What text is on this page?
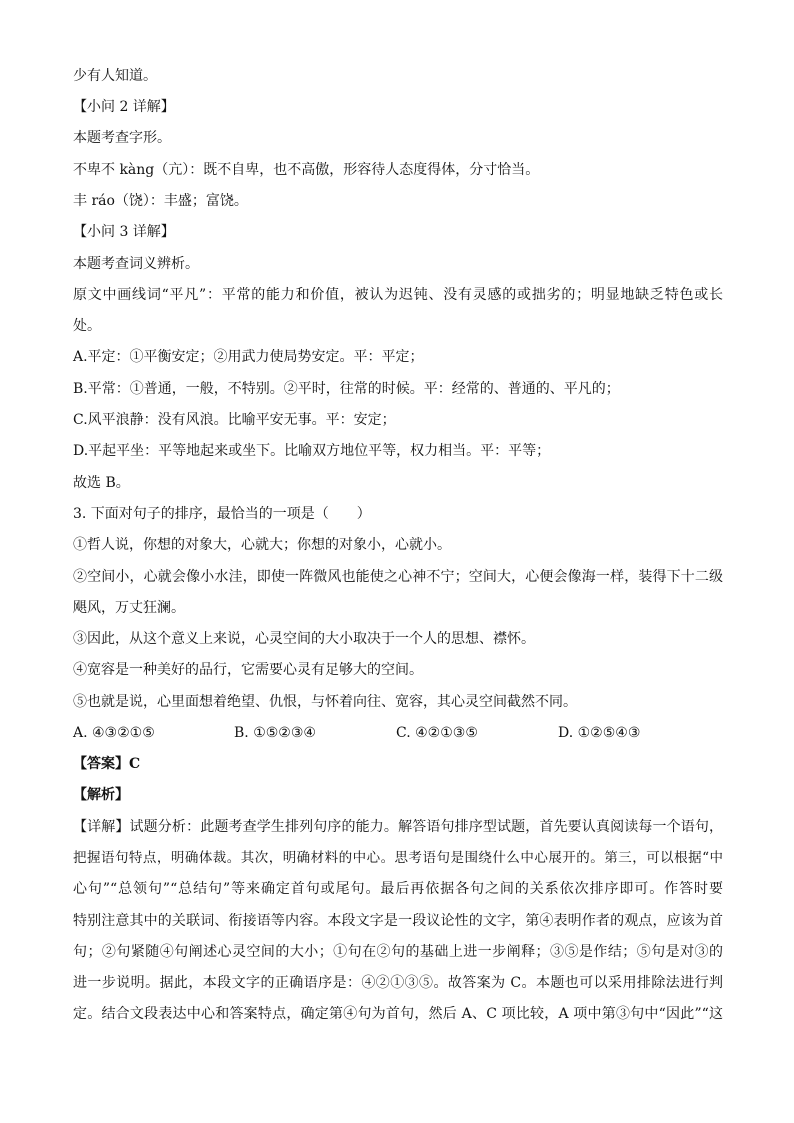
少有人知道。
【小问 2 详解】
本题考查字形。
不卑不 kàng（亢）：既不自卑，也不高傲，形容待人态度得体，分寸恰当。
丰 ráo（饶）：丰盛；富饶。
【小问 3 详解】
本题考查词义辨析。
原文中画线词“平凡”：平常的能力和价值，被认为迟钝、没有灵感的或拙劣的；明显地缺乏特色或长
处。
A.平定：①平衡安定；②用武力使局势安定。平：平定；
B.平常：①普通，一般，不特别。②平时，往常的时候。平：经常的、普通的、平凡的；
C.风平浪静：没有风浪。比喻平安无事。平：安定；
D.平起平坐：平等地起来或坐下。比喻双方地位平等，权力相当。平：平等；
故选 B。
3. 下面对句子的排序，最恰当的一项是（　　）
①哲人说，你想的对象大，心就大；你想的对象小，心就小。
②空间小，心就会像小水洼，即使一阵微风也能使之心神不宁；空间大，心便会像海一样，装得下十二级
飓风，万丈狂澜。
③因此，从这个意义上来说，心灵空间的大小取决于一个人的思想、襟怀。
④宽容是一种美好的品行，它需要心灵有足够大的空间。
⑤也就是说，心里面想着绝望、仇恨，与怀着向往、宽容，其心灵空间截然不同。
A. ④③②①⑤	B. ①⑤②③④	C. ④②①③⑤	D. ①②⑤④③
【答案】C
【解析】
【详解】试题分析：此题考查学生排列句序的能力。解答语句排序型试题，首先要认真阅读每一个语句，
把握语句特点，明确体裁。其次，明确材料的中心。思考语句是围绕什么中心展开的。第三，可以根据“中
心句”“总领句”“总结句”等来确定首句或尾句。最后再依据各句之间的关系依次排序即可。作答时要
特别注意其中的关联词、衔接语等内容。本段文字是一段议论性的文字，第④表明作者的观点，应该为首
句；②句紧随④句阐述心灵空间的大小；①句在②句的基础上进一步阐释；③⑤是作结；⑤句是对③的
进一步说明。据此，本段文字的正确语序是：④②①③⑤。故答案为 C。本题也可以采用排除法进行判
定。结合文段表达中心和答案特点，确定第④句为首句，然后 A、C 项比较，A 项中第③句中“因此”“这
